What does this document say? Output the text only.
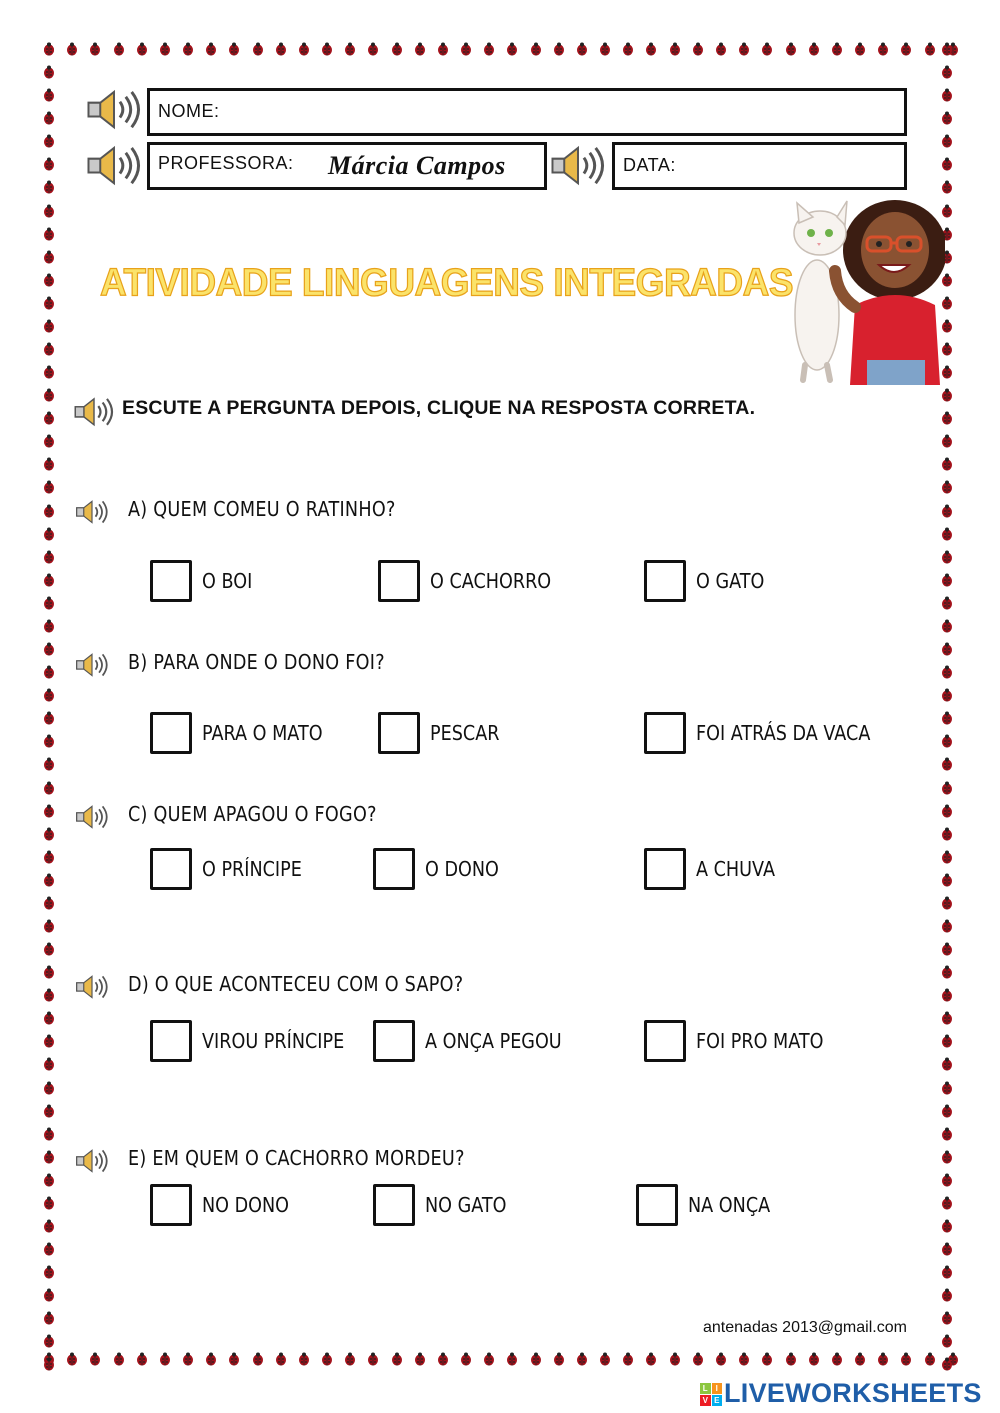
NOME:
PROFESSORA: Márcia Campos	DATA:
ATIVIDADE LINGUAGENS INTEGRADAS
ESCUTE A PERGUNTA DEPOIS, CLIQUE NA RESPOSTA CORRETA.
A) QUEM COMEU O RATINHO?
O BOI	O CACHORRO	O GATO
B) PARA ONDE O DONO FOI?
PARA O MATO	PESCAR	FOI ATRÁS DA VACA
C) QUEM APAGOU O FOGO?
O PRÍNCIPE	O DONO	A CHUVA
D) O QUE ACONTECEU COM O SAPO?
VIROU PRÍNCIPE	A ONÇA PEGOU	FOI PRO MATO
E) EM QUEM O CACHORRO MORDEU?
NO DONO	NO GATO	NA ONÇA
antenadas 2013@gmail.com
L I
V E LIVEWORKSHEETS
